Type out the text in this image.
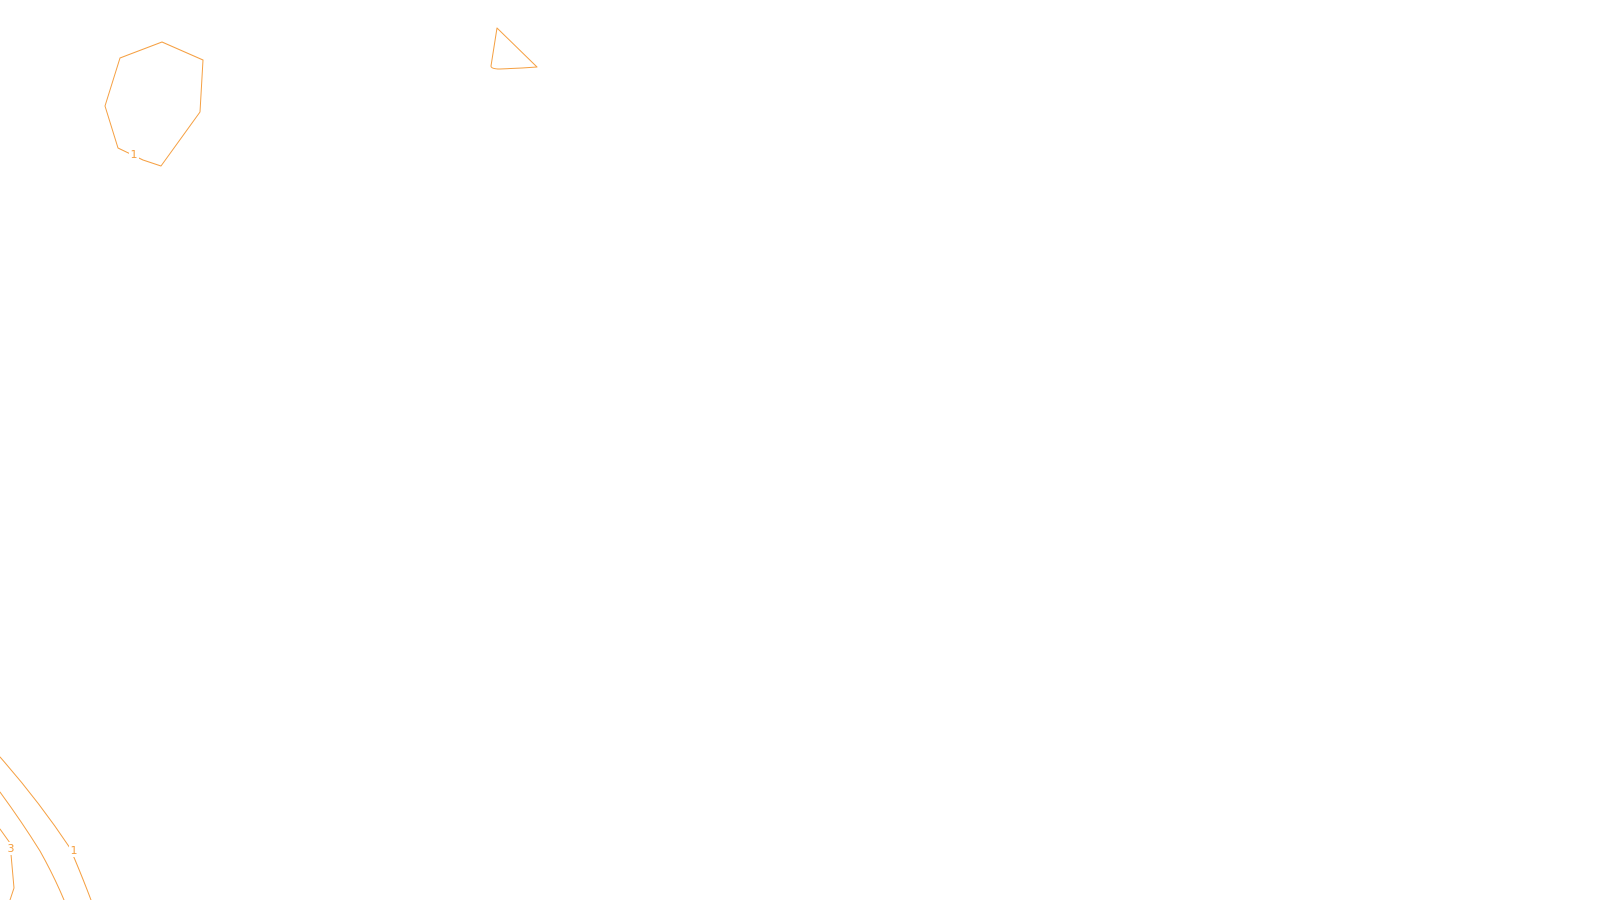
1
3	1
